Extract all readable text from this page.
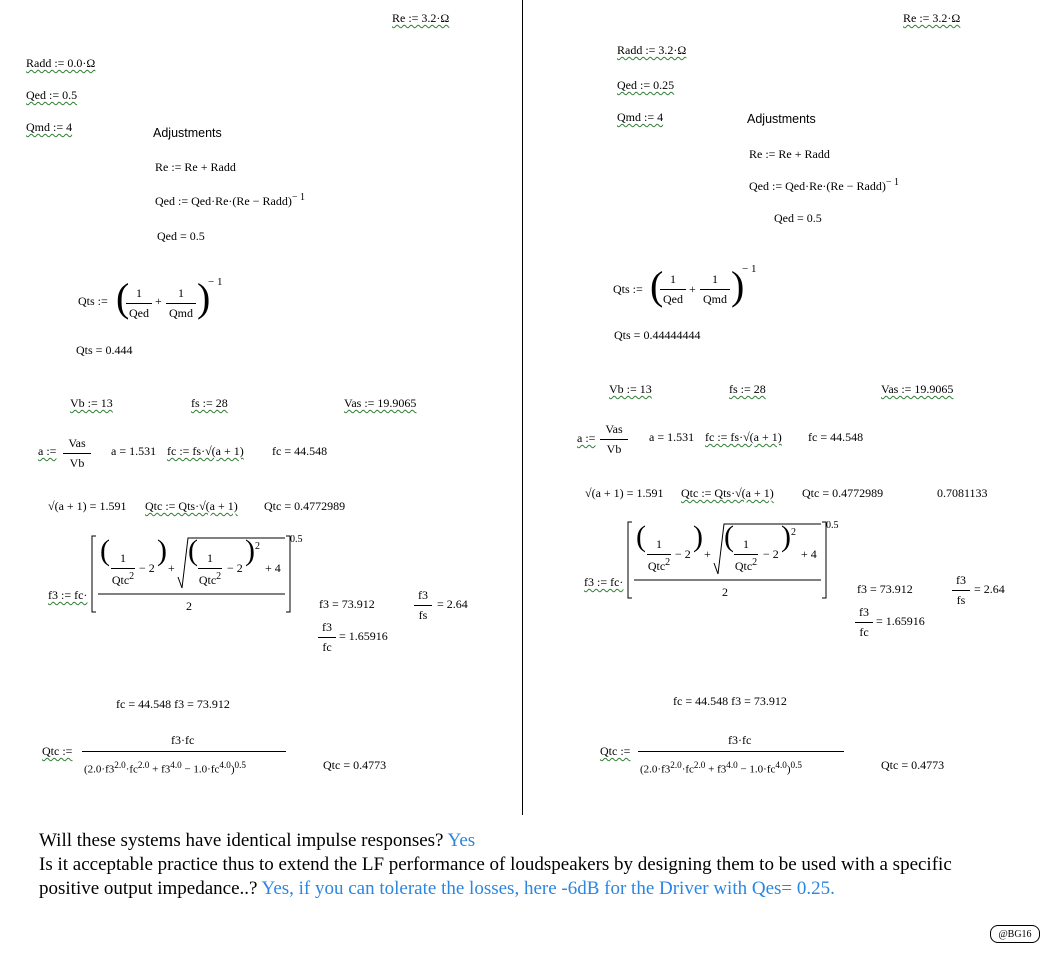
Re := 3.2·Ω
Radd := 0.0·Ω
Qed := 0.5
Qmd := 4	Adjustments
Re := Re + Radd
Qed := Qed·Re·(Re − Radd)$^{- 1}$
Qed = 0.5
Qts := ( 1
Qed
+
1
Qmd )
− 1
Qts = 0.444
Vb := 13	fs := 28	Vas := 19.9065
a :=
Vas
Vb
a = 1.531 fc := fs·√(a + 1) fc = 44.548
√(a + 1) = 1.591 Qtc := Qts·√(a + 1) Qtc = 0.4772989
f3 := fc·
( 1
Qtc$^2$
− 2
)
+
( 1
Qtc$^2$
− 2
) 2
+ 4
2
0.5
f3 = 73.912
f3
fs
= 2.64
f3
fc
= 1.65916
fc = 44.548 f3 = 73.912
Qtc :=
f3·fc
$(2.0\cdot f3^{2.0}\cdot fc^{2.0} + f3^{4.0} - 1.0\cdot fc^{4.0})^{0.5}$	Qtc = 0.4773
Re := 3.2·Ω
Radd := 3.2·Ω
Qed := 0.25
Qmd := 4	Adjustments
Re := Re + Radd
Qed := Qed·Re·(Re − Radd)$^{- 1}$
Qed = 0.5
Qts := ( 1
Qed
+
1
Qmd )
− 1
Qts = 0.44444444
Vb := 13	fs := 28	Vas := 19.9065
a :=
Vas
Vb
a = 1.531 fc := fs·√(a + 1) fc = 44.548
√(a + 1) = 1.591 Qtc := Qts·√(a + 1) Qtc = 0.4772989	0.7081133
f3 := fc·
( 1
Qtc$^2$
− 2
)
+
( 1
Qtc$^2$
− 2
) 2
+ 4
2
0.5
f3 = 73.912
f3
fs
= 2.64
f3
fc
= 1.65916
fc = 44.548 f3 = 73.912
Qtc :=
f3·fc
$(2.0\cdot f3^{2.0}\cdot fc^{2.0} + f3^{4.0} - 1.0\cdot fc^{4.0})^{0.5}$	Qtc = 0.4773
Will these systems have identical impulse responses? Yes
Is it acceptable practice thus to extend the LF performance of loudspeakers by designing them to be used with a specific
positive output impedance..? Yes, if you can tolerate the losses, here -6dB for the Driver with Qes= 0.25.
@BG16
